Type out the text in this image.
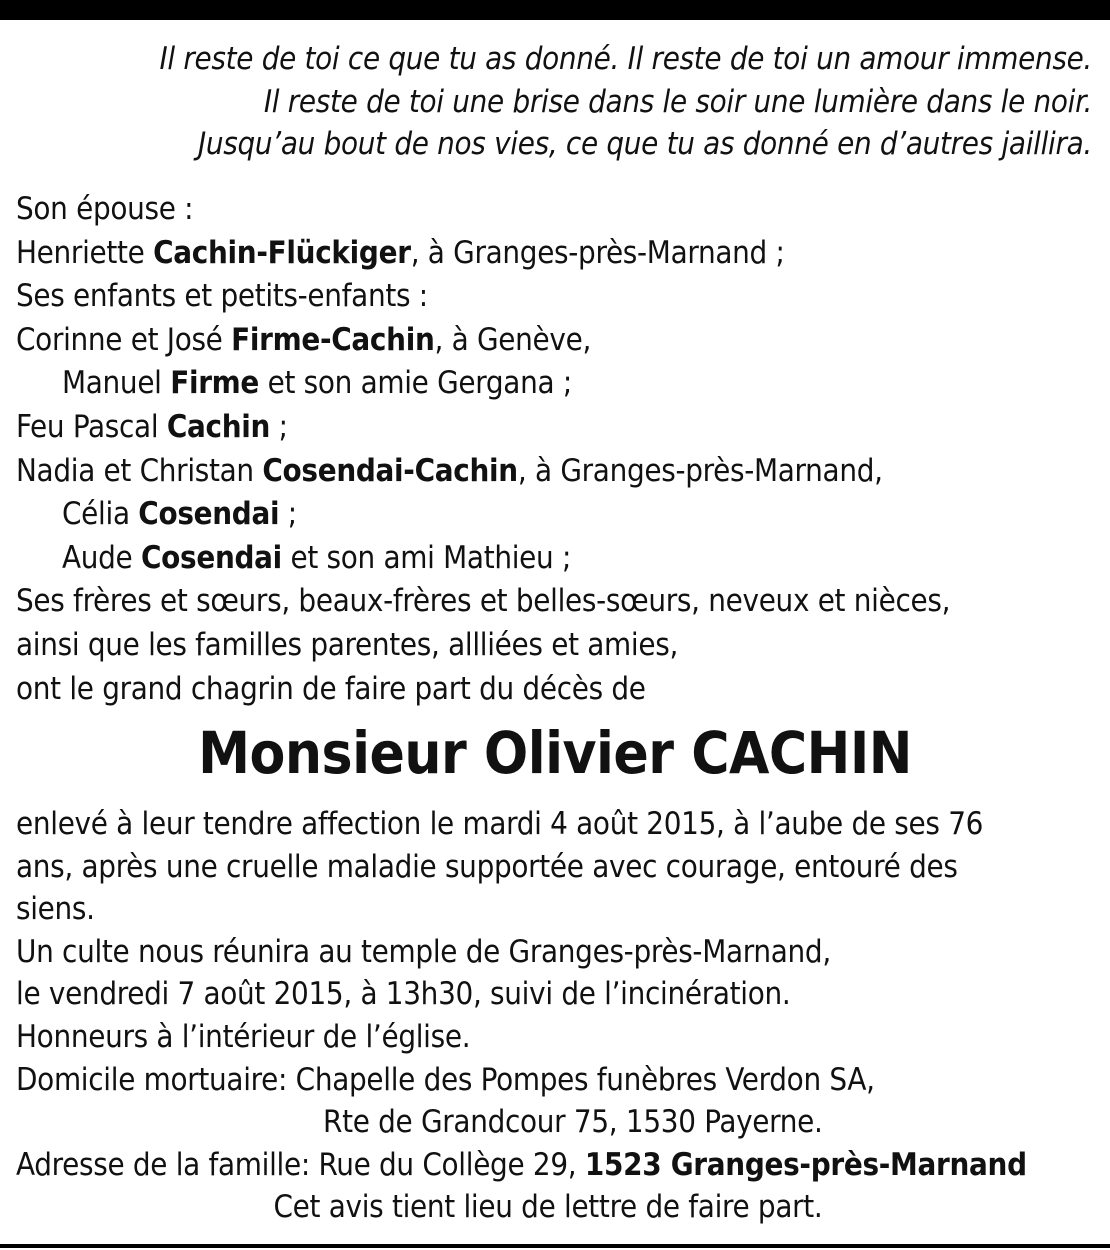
Il reste de toi ce que tu as donné. Il reste de toi un amour immense.
Il reste de toi une brise dans le soir une lumière dans le noir.
Jusqu’au bout de nos vies, ce que tu as donné en d’autres jaillira.
Son épouse :
Henriette Cachin-Flückiger, à Granges-près-Marnand ;
Ses enfants et petits-enfants :
Corinne et José Firme-Cachin, à Genève,
Manuel Firme et son amie Gergana ;
Feu Pascal Cachin ;
Nadia et Christan Cosendai-Cachin, à Granges-près-Marnand,
Célia Cosendai ;
Aude Cosendai et son ami Mathieu ;
Ses frères et sœurs, beaux-frères et belles-sœurs, neveux et nièces,
ainsi que les familles parentes, allliées et amies,
ont le grand chagrin de faire part du décès de
Monsieur Olivier CACHIN
enlevé à leur tendre affection le mardi 4 août 2015, à l’aube de ses 76
ans, après une cruelle maladie supportée avec courage, entouré des
siens.
Un culte nous réunira au temple de Granges-près-Marnand,
le vendredi 7 août 2015, à 13h30, suivi de l’incinération.
Honneurs à l’intérieur de l’église.
Domicile mortuaire: Chapelle des Pompes funèbres Verdon SA,
Rte de Grandcour 75, 1530 Payerne.
Adresse de la famille: Rue du Collège 29, 1523 Granges-près-Marnand
Cet avis tient lieu de lettre de faire part.
